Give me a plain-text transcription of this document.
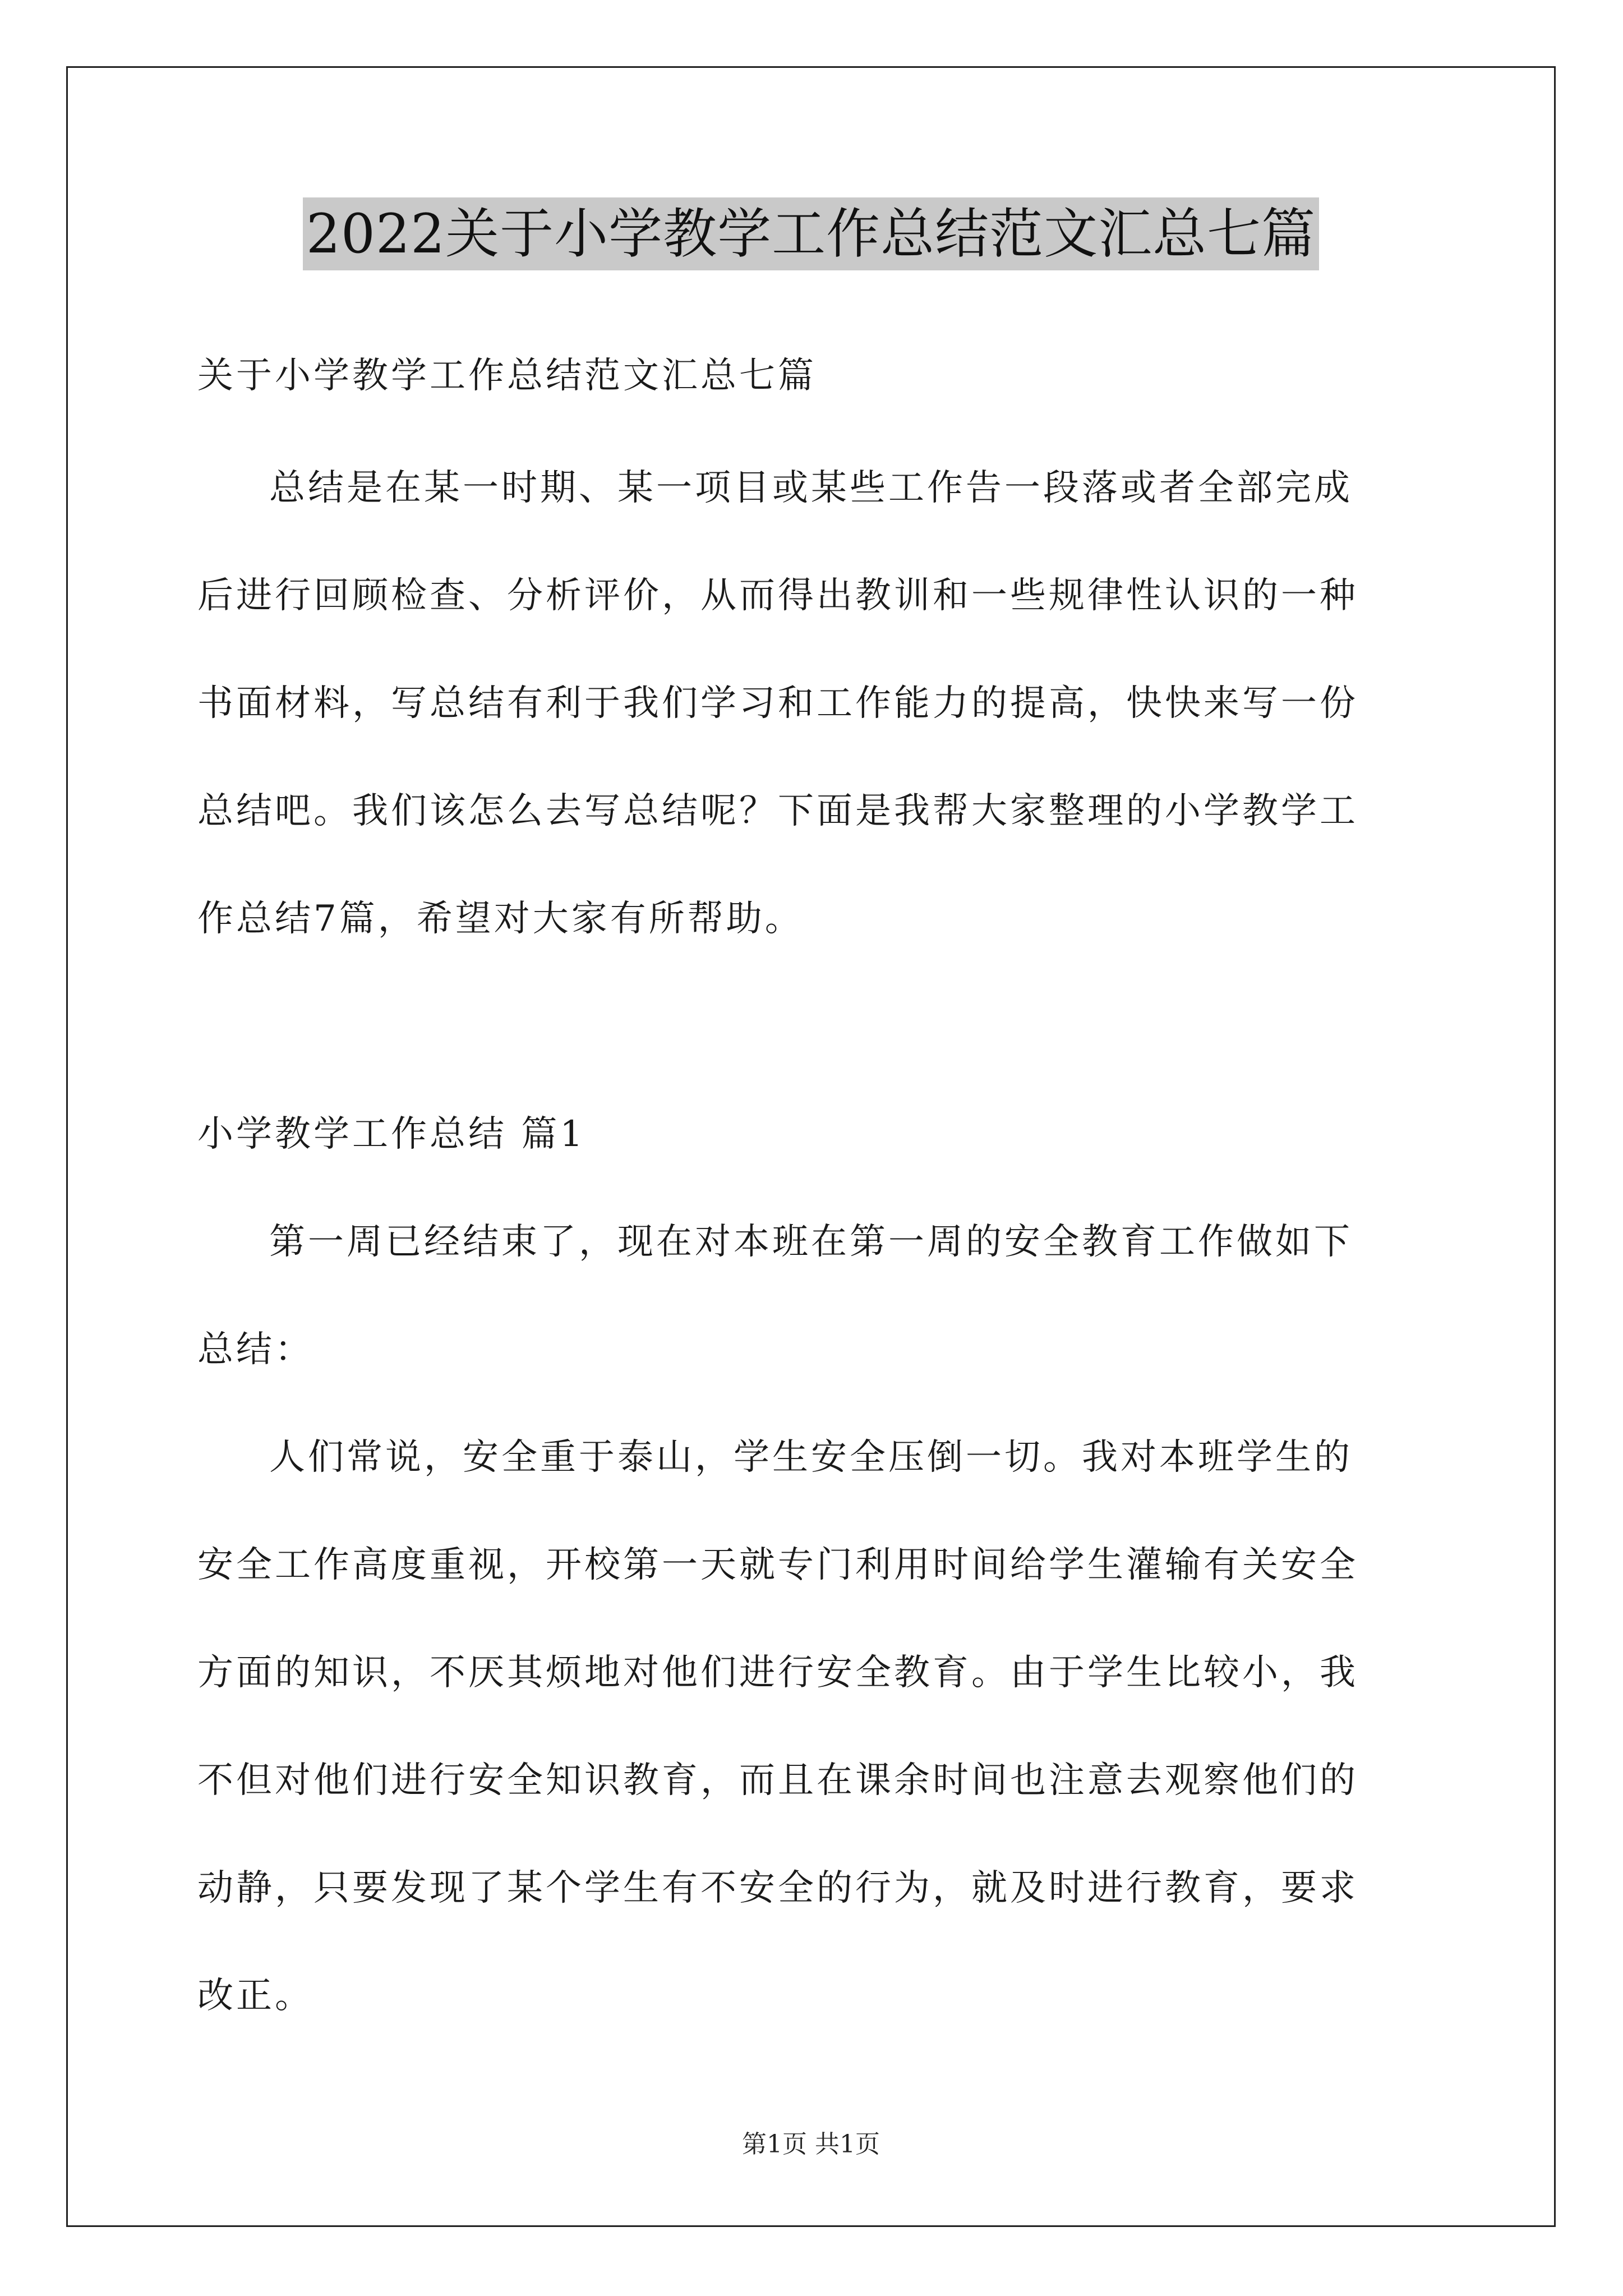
2022关于小学教学工作总结范文汇总七篇
关于小学教学工作总结范文汇总七篇
总结是在某一时期、某一项目或某些工作告一段落或者全部完成
后进行回顾检查、分析评价，从而得出教训和一些规律性认识的一种
书面材料，写总结有利于我们学习和工作能力的提高，快快来写一份
总结吧。我们该怎么去写总结呢？下面是我帮大家整理的小学教学工
作总结7篇，希望对大家有所帮助。
小学教学工作总结 篇1
第一周已经结束了，现在对本班在第一周的安全教育工作做如下
总结：
人们常说，安全重于泰山，学生安全压倒一切。我对本班学生的
安全工作高度重视，开校第一天就专门利用时间给学生灌输有关安全
方面的知识，不厌其烦地对他们进行安全教育。由于学生比较小，我
不但对他们进行安全知识教育，而且在课余时间也注意去观察他们的
动静，只要发现了某个学生有不安全的行为，就及时进行教育，要求
改正。
第1页 共1页
